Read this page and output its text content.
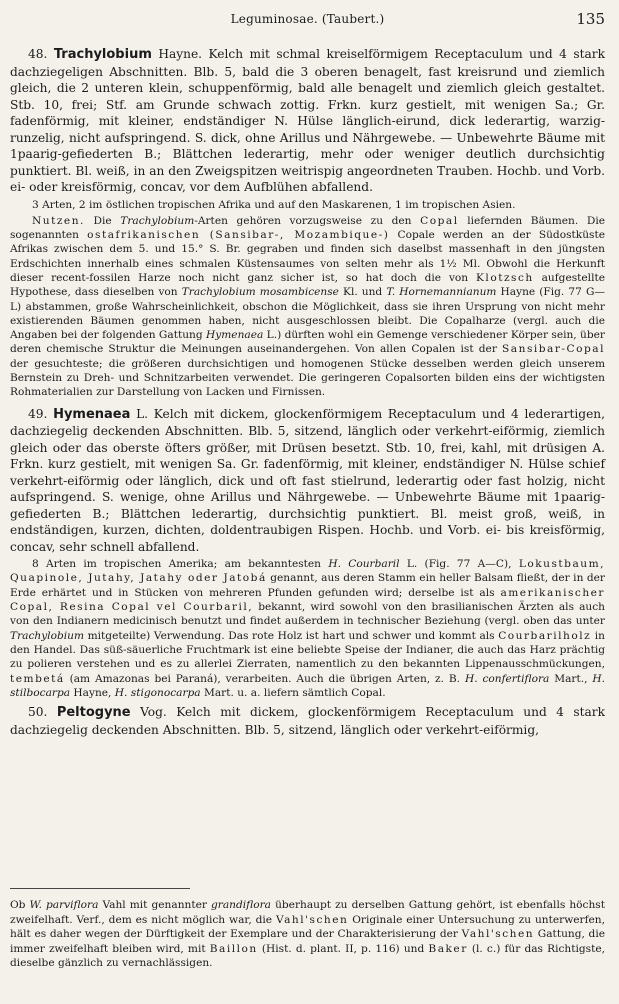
Leguminosae. (Taubert.)	135

48. Trachylobium Hayne. Kelch mit schmal kreiselförmigem Receptaculum und 4 stark dachziegeligen Abschnitten. Blb. 5, bald die 3 oberen benagelt, fast kreisrund und ziemlich gleich, die 2 unteren klein, schuppenförmig, bald alle benagelt und ziemlich gleich gestaltet. Stb. 10, frei; Stf. am Grunde schwach zottig. Frkn. kurz gestielt, mit wenigen Sa.; Gr. fadenförmig, mit kleiner, endständiger N. Hülse länglich-eirund, dick lederartig, warzig-runzelig, nicht aufspringend. S. dick, ohne Arillus und Nährgewebe. — Unbewehrte Bäume mit 1paarig-gefiederten B.; Blättchen lederartig, mehr oder weniger deutlich durchsichtig punktiert. Bl. weiß, in an den Zweigspitzen weitrispig angeordneten Trauben. Hochb. und Vorb. ei- oder kreisförmig, concav, vor dem Aufblühen abfallend.

3 Arten, 2 im östlichen tropischen Afrika und auf den Maskarenen, 1 im tropischen Asien.

Nutzen. Die Trachylobium-Arten gehören vorzugsweise zu den Copal liefernden Bäumen. Die sogenannten ostafrikanischen (Sansibar-, Mozambique-) Copale werden an der Südostküste Afrikas zwischen dem 5. und 15.° S. Br. gegraben und finden sich daselbst massenhaft in den jüngsten Erdschichten innerhalb eines schmalen Küstensaumes von selten mehr als 1½ Ml. Obwohl die Herkunft dieser recent-fossilen Harze noch nicht ganz sicher ist, so hat doch die von Klotzsch aufgestellte Hypothese, dass dieselben von Trachylobium mosambicense Kl. und T. Hornemannianum Hayne (Fig. 77 G—L) abstammen, große Wahrscheinlichkeit, obschon die Möglichkeit, dass sie ihren Ursprung von nicht mehr existierenden Bäumen genommen haben, nicht ausgeschlossen bleibt. Die Copalharze (vergl. auch die Angaben bei der folgenden Gattung Hymenaea L.) dürften wohl ein Gemenge verschiedener Körper sein, über deren chemische Struktur die Meinungen auseinandergehen. Von allen Copalen ist der Sansibar-Copal der gesuchteste; die größeren durchsichtigen und homogenen Stücke desselben werden gleich unserem Bernstein zu Dreh- und Schnitzarbeiten verwendet. Die geringeren Copalsorten bilden eins der wichtigsten Rohmaterialien zur Darstellung von Lacken und Firnissen.

49. Hymenaea L. Kelch mit dickem, glockenförmigem Receptaculum und 4 lederartigen, dachziegelig deckenden Abschnitten. Blb. 5, sitzend, länglich oder verkehrt-eiförmig, ziemlich gleich oder das oberste öfters größer, mit Drüsen besetzt. Stb. 10, frei, kahl, mit drüsigen A. Frkn. kurz gestielt, mit wenigen Sa. Gr. fadenförmig, mit kleiner, endständiger N. Hülse schief verkehrt-eiförmig oder länglich, dick und oft fast stielrund, lederartig oder fast holzig, nicht aufspringend. S. wenige, ohne Arillus und Nährgewebe. — Unbewehrte Bäume mit 1paarig-gefiederten B.; Blättchen lederartig, durchsichtig punktiert. Bl. meist groß, weiß, in endständigen, kurzen, dichten, doldentraubigen Rispen. Hochb. und Vorb. ei- bis kreisförmig, concav, sehr schnell abfallend.

8 Arten im tropischen Amerika; am bekanntesten H. Courbaril L. (Fig. 77 A—C), Lokustbaum, Quapinole, Jutahy, Jatahy oder Jatobá genannt, aus deren Stamm ein heller Balsam fließt, der in der Erde erhärtet und in Stücken von mehreren Pfunden gefunden wird; derselbe ist als amerikanischer Copal, Resina Copal vel Courbaril, bekannt, wird sowohl von den brasilianischen Ärzten als auch von den Indianern medicinisch benutzt und findet außerdem in technischer Beziehung (vergl. oben das unter Trachylobium mitgeteilte) Verwendung. Das rote Holz ist hart und schwer und kommt als Courbarilholz in den Handel. Das süß-säuerliche Fruchtmark ist eine beliebte Speise der Indianer, die auch das Harz prächtig zu polieren verstehen und es zu allerlei Zierraten, namentlich zu den bekannten Lippenausschmückungen, tembetá (am Amazonas bei Paraná), verarbeiten. Auch die übrigen Arten, z. B. H. confertiflora Mart., H. stilbocarpa Hayne, H. stigonocarpa Mart. u. a. liefern sämtlich Copal.

50. Peltogyne Vog. Kelch mit dickem, glockenförmigem Receptaculum und 4 stark dachziegelig deckenden Abschnitten. Blb. 5, sitzend, länglich oder verkehrt-eiförmig,

Ob W. parviflora Vahl mit genannter grandiflora überhaupt zu derselben Gattung gehört, ist ebenfalls höchst zweifelhaft. Verf., dem es nicht möglich war, die Vahl'schen Originale einer Untersuchung zu unterwerfen, hält es daher wegen der Dürftigkeit der Exemplare und der Charakterisierung der Vahl'schen Gattung, die immer zweifelhaft bleiben wird, mit Baillon (Hist. d. plant. II, p. 116) und Baker (l. c.) für das Richtigste, dieselbe gänzlich zu vernachlässigen.
